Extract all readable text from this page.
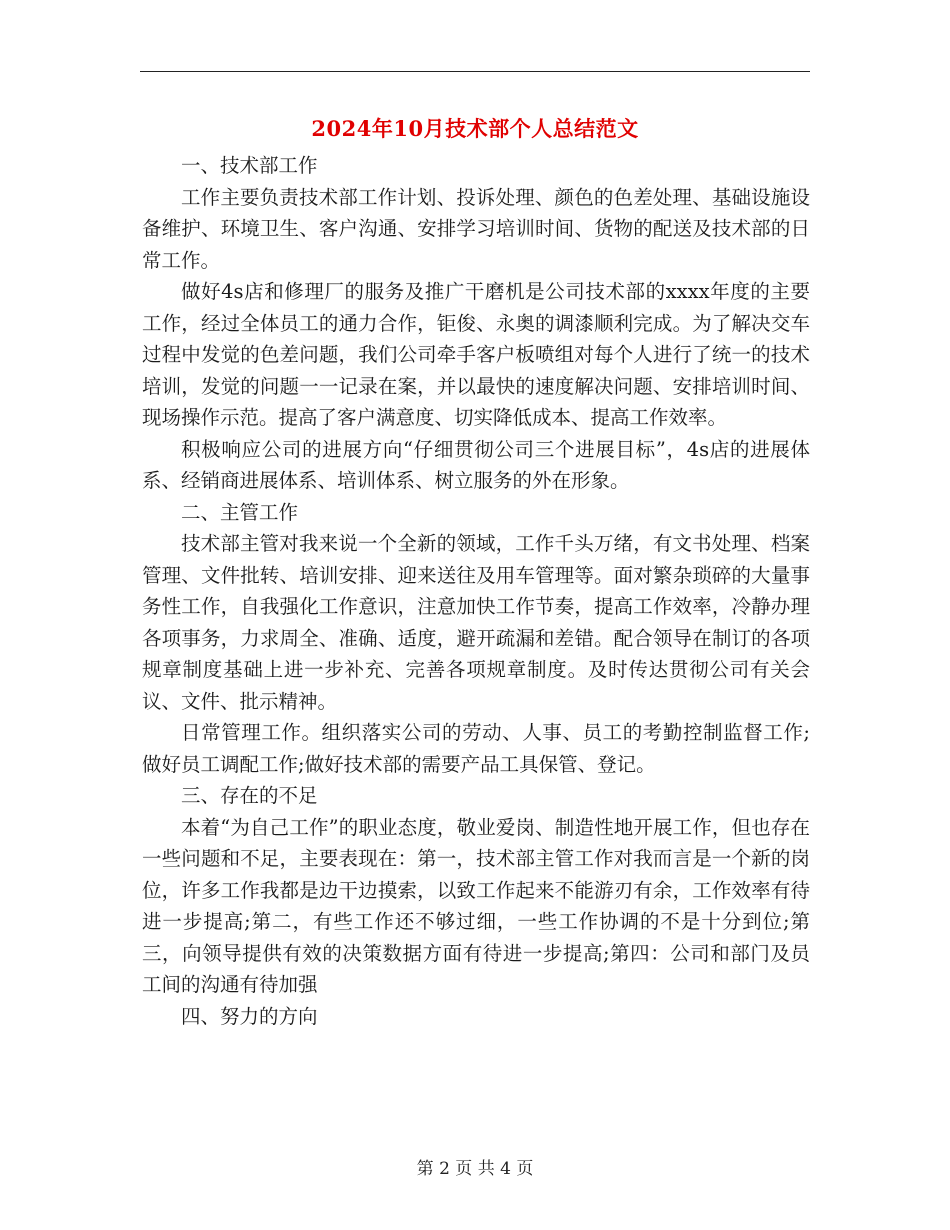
2024年10月技术部个人总结范文

一、技术部工作

工作主要负责技术部工作计划、投诉处理、颜色的色差处理、基础设施设备维护、环境卫生、客户沟通、安排学习培训时间、货物的配送及技术部的日常工作。

做好4s店和修理厂的服务及推广干磨机是公司技术部的xxxx年度的主要工作，经过全体员工的通力合作，钜俊、永奥的调漆顺利完成。为了解决交车过程中发觉的色差问题，我们公司牵手客户板喷组对每个人进行了统一的技术培训，发觉的问题一一记录在案，并以最快的速度解决问题、安排培训时间、现场操作示范。提高了客户满意度、切实降低成本、提高工作效率。

积极响应公司的进展方向“仔细贯彻公司三个进展目标”，4s店的进展体系、经销商进展体系、培训体系、树立服务的外在形象。

二、主管工作

技术部主管对我来说一个全新的领域，工作千头万绪，有文书处理、档案管理、文件批转、培训安排、迎来送往及用车管理等。面对繁杂琐碎的大量事务性工作，自我强化工作意识，注意加快工作节奏，提高工作效率，冷静办理各项事务，力求周全、准确、适度，避开疏漏和差错。配合领导在制订的各项规章制度基础上进一步补充、完善各项规章制度。及时传达贯彻公司有关会议、文件、批示精神。

日常管理工作。组织落实公司的劳动、人事、员工的考勤控制监督工作;做好员工调配工作;做好技术部的需要产品工具保管、登记。

三、存在的不足

本着“为自己工作”的职业态度，敬业爱岗、制造性地开展工作，但也存在一些问题和不足，主要表现在：第一，技术部主管工作对我而言是一个新的岗位，许多工作我都是边干边摸索，以致工作起来不能游刃有余，工作效率有待进一步提高;第二，有些工作还不够过细，一些工作协调的不是十分到位;第三，向领导提供有效的决策数据方面有待进一步提高;第四：公司和部门及员工间的沟通有待加强

四、努力的方向

第 2 页 共 4 页
